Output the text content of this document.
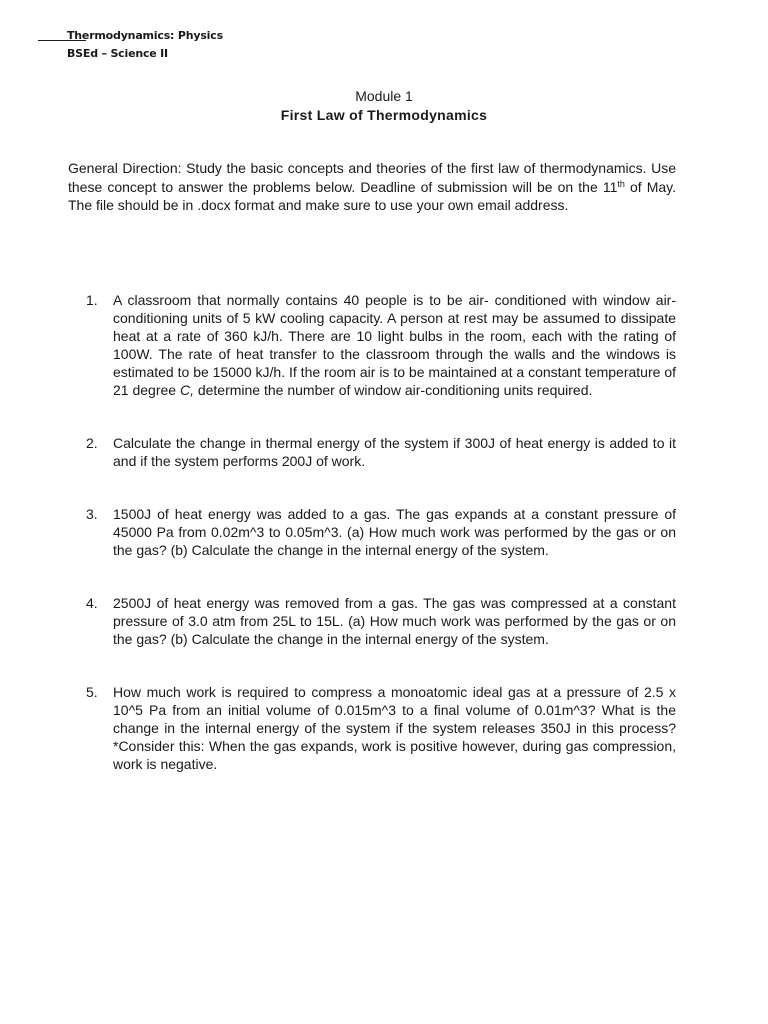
Thermodynamics: Physics
BSEd – Science II
Module 1
First Law of Thermodynamics

General Direction: Study the basic concepts and theories of the first law of thermodynamics. Use these concept to answer the problems below. Deadline of submission will be on the 11th of May. The file should be in .docx format and make sure to use your own email address.

1. A classroom that normally contains 40 people is to be air- conditioned with window air- conditioning units of 5 kW cooling capacity. A person at rest may be assumed to dissipate heat at a rate of 360 kJ/h. There are 10 light bulbs in the room, each with the rating of 100W. The rate of heat transfer to the classroom through the walls and the windows is estimated to be 15000 kJ/h. If the room air is to be maintained at a constant temperature of 21 degree C, determine the number of window air-conditioning units required.
2. Calculate the change in thermal energy of the system if 300J of heat energy is added to it and if the system performs 200J of work.
3. 1500J of heat energy was added to a gas. The gas expands at a constant pressure of 45000 Pa from 0.02m^3 to 0.05m^3. (a) How much work was performed by the gas or on the gas? (b) Calculate the change in the internal energy of the system.
4. 2500J of heat energy was removed from a gas. The gas was compressed at a constant pressure of 3.0 atm from 25L to 15L. (a) How much work was performed by the gas or on the gas? (b) Calculate the change in the internal energy of the system.
5. How much work is required to compress a monoatomic ideal gas at a pressure of 2.5 x 10^5 Pa from an initial volume of 0.015m^3 to a final volume of 0.01m^3? What is the change in the internal energy of the system if the system releases 350J in this process? *Consider this: When the gas expands, work is positive however, during gas compression, work is negative.
